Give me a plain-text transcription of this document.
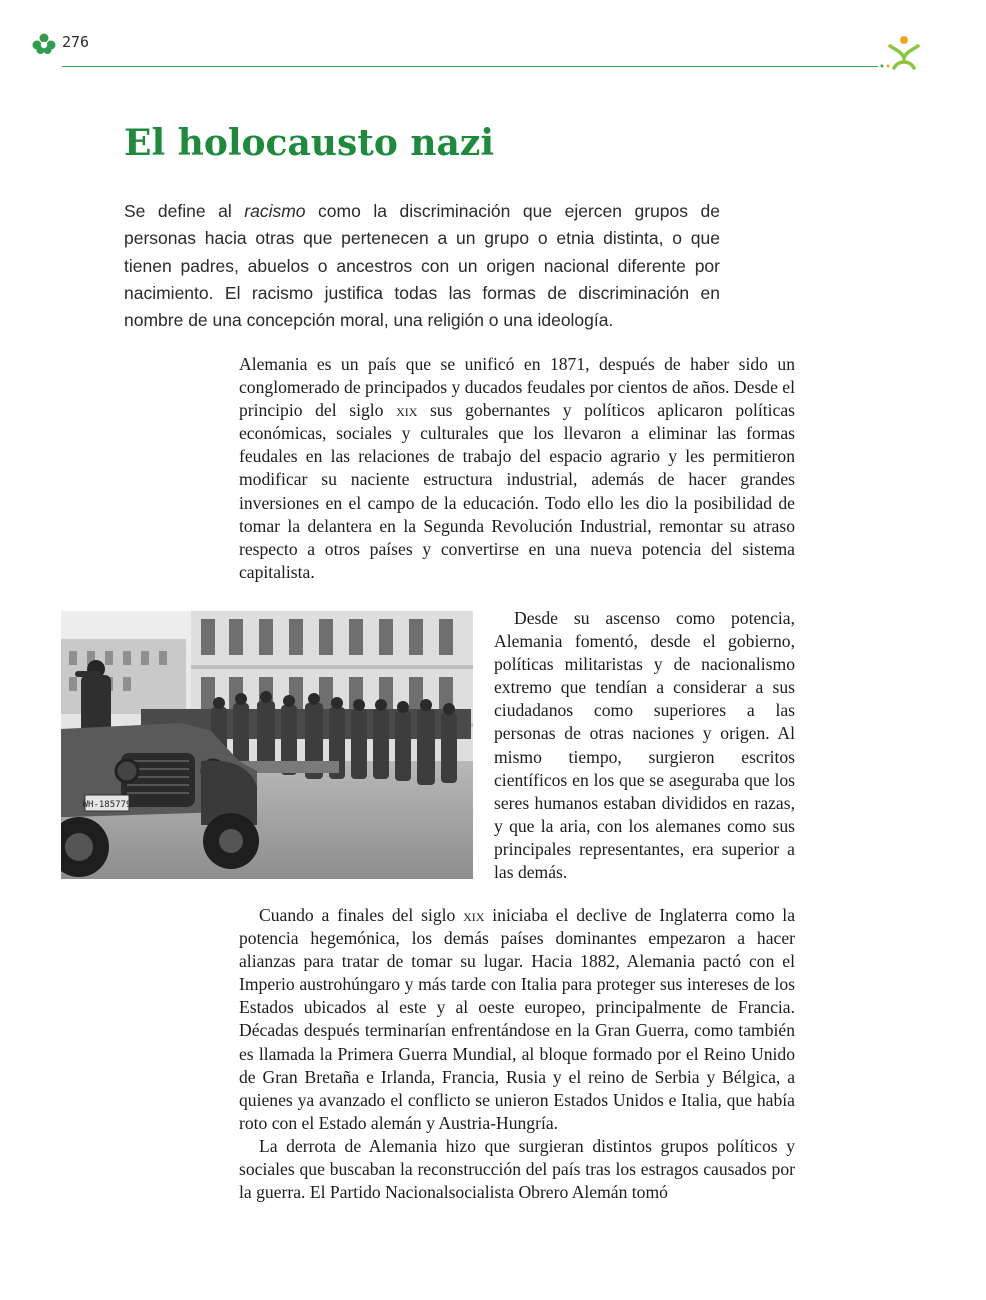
276
El holocausto nazi

Se define al racismo como la discriminación que ejercen grupos de personas hacia otras que pertenecen a un grupo o etnia distinta, o que tienen padres, abuelos o ancestros con un origen nacional diferente por nacimiento. El racismo justifica todas las formas de discriminación en nombre de una concepción moral, una religión o una ideología.

Alemania es un país que se unificó en 1871, después de haber sido un conglomerado de principados y ducados feudales por cientos de años. Desde el principio del siglo xix sus gobernantes y políticos aplicaron políticas económicas, sociales y culturales que los llevaron a eliminar las formas feudales en las relaciones de trabajo del espacio agrario y les permitieron modificar su naciente estructura industrial, además de hacer grandes inversiones en el campo de la educación. Todo ello les dio la posibilidad de tomar la delantera en la Segunda Revolución Industrial, remontar su atraso respecto a otros países y convertirse en una nueva potencia del sistema capitalista.

WH-185779

Desde su ascenso como potencia, Alemania fomentó, desde el gobierno, políticas militaristas y de nacionalismo extremo que tendían a considerar a sus ciudadanos como superiores a las personas de otras naciones y origen. Al mismo tiempo, surgieron escritos científicos en los que se aseguraba que los seres humanos estaban divididos en razas, y que la aria, con los alemanes como sus principales representantes, era superior a las demás.

Cuando a finales del siglo xix iniciaba el declive de Inglaterra como la potencia hegemónica, los demás países dominantes empezaron a hacer alianzas para tratar de tomar su lugar. Hacia 1882, Alemania pactó con el Imperio austrohúngaro y más tarde con Italia para proteger sus intereses de los Estados ubicados al este y al oeste europeo, principalmente de Francia. Décadas después terminarían enfrentándose en la Gran Guerra, como también es llamada la Primera Guerra Mundial, al bloque formado por el Reino Unido de Gran Bretaña e Irlanda, Francia, Rusia y el reino de Serbia y Bélgica, a quienes ya avanzado el conflicto se unieron Estados Unidos e Italia, que había roto con el Estado alemán y Austria-Hungría.

La derrota de Alemania hizo que surgieran distintos grupos políticos y sociales que buscaban la reconstrucción del país tras los estragos causados por la guerra. El Partido Nacionalsocialista Obrero Alemán tomó
